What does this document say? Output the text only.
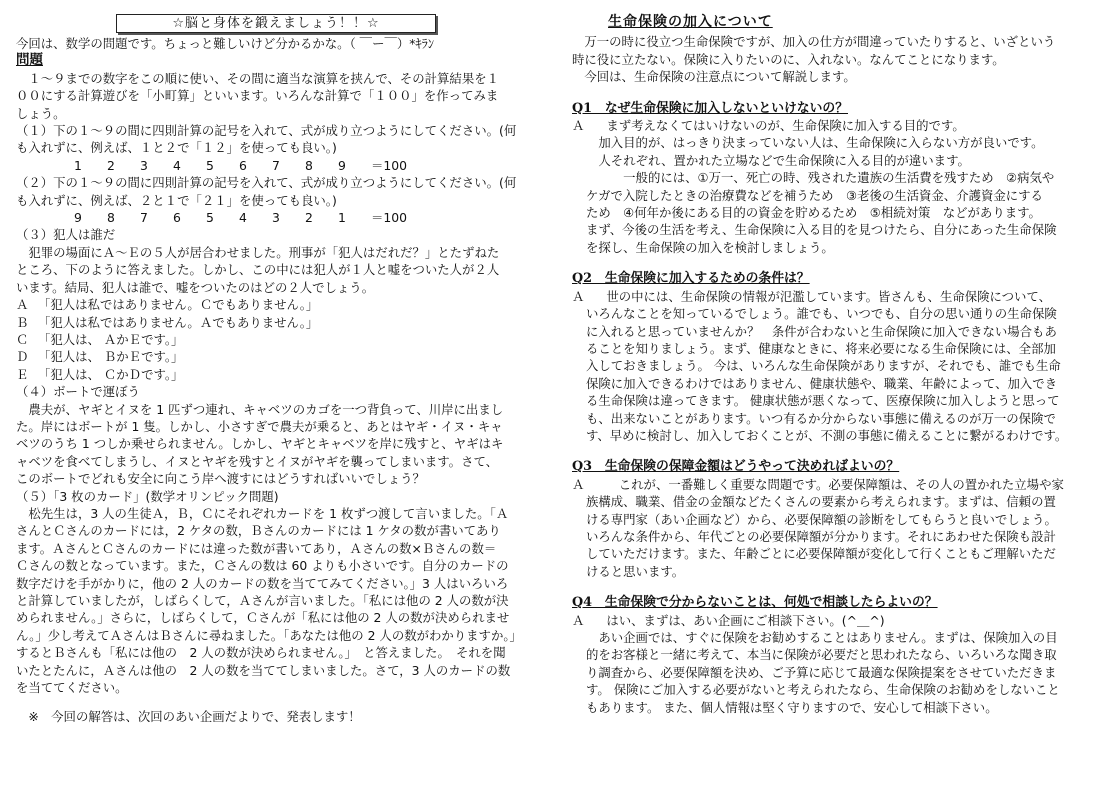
☆脳と身体を鍛えましょう！！☆

今回は、数学の問題です。ちょっと難しいけど分かるかな。（ ￣ー￣）*ｷﾗﾝ

問題

　１～９までの数字をこの順に使い、その間に適当な演算を挟んで、その計算結果を１

００にする計算遊びを「小町算」といいます。いろんな計算で「１００」を作ってみま

しょう。

（１）下の１～９の間に四則計算の記号を入れて、式が成り立つようにしてください。(何

も入れずに、例えば、１と２で「１２」を使っても良い。)

1 2 3 4 5 6 7 8 9 ＝100

（２）下の１～９の間に四則計算の記号を入れて、式が成り立つようにしてください。(何

も入れずに、例えば、２と１で「２１」を使っても良い。)

9 8 7 6 5 4 3 2 1 ＝100

（３）犯人は誰だ

　犯罪の場面にＡ～Ｅの５人が居合わせました。刑事が「犯人はだれだ？」とたずねた

ところ、下のように答えました。しかし、この中には犯人が１人と嘘をついた人が２人

います。結局、犯人は誰で、嘘をついたのはどの２人でしょう。

Ａ 「犯人は私ではありません。Ｃでもありません。」

Ｂ 「犯人は私ではありません。Ａでもありません。」

Ｃ 「犯人は、 ＡかＥです。」

Ｄ 「犯人は、 ＢかＥです。」

Ｅ 「犯人は、 ＣかＤです。」

（４）ボートで運ぼう

　農夫が、ヤギとイヌを 1 匹ずつ連れ、キャベツのカゴを一つ背負って、川岸に出まし

た。岸にはボートが 1 隻。しかし、小さすぎで農夫が乗ると、あとはヤギ・イヌ・キャ

ベツのうち 1 つしか乗せられません。しかし、ヤギとキャベツを岸に残すと、ヤギはキ

ャベツを食べてしまうし、イヌとヤギを残すとイヌがヤギを襲ってしまいます。さて、

このボートでどれも安全に向こう岸へ渡すにはどうすればいいでしょう？

（５）「3 枚のカード」(数学オリンピック問題)

　松先生は，3 人の生徒Ａ，Ｂ，Ｃにそれぞれカードを 1 枚ずつ渡して言いました。「Ａ

さんとＣさんのカードには，2 ケタの数，Ｂさんのカードには 1 ケタの数が書いてあり

ます。ＡさんとＣさんのカードには違った数が書いてあり，Ａさんの数×Ｂさんの数＝

Ｃさんの数となっています。また，Ｃさんの数は 60 よりも小さいです。自分のカードの

数字だけを手がかりに，他の 2 人のカードの数を当ててみてください。」3 人はいろいろ

と計算していましたが，しばらくして，Ａさんが言いました。「私には他の 2 人の数が決

められません。」さらに，しばらくして，Ｃさんが「私には他の 2 人の数が決められませ

ん。」少し考えてＡさんはＢさんに尋ねました。「あなたは他の 2 人の数がわかりますか。」

するとＢさんも「私には他の　2 人の数が決められません。」　と答えました。　それを聞

いたとたんに，Ａさんは他の　2 人の数を当ててしまいました。さて，3 人のカードの数

を当ててください。

　※　今回の解答は、次回のあい企画だよりで、発表します！

生命保険の加入について

　万一の時に役立つ生命保険ですが、加入の仕方が間違っていたりすると、いざという

時に役に立たない。保険に入りたいのに、入れない。なんてことになります。

　今回は、生命保険の注意点について解説します。

Q1　なぜ生命保険に加入しないといけないの？

Ａ　まず考えなくてはいけないのが、生命保険に加入する目的です。

　加入目的が、はっきり決まっていない人は、生命保険に入らない方が良いです。

　人それぞれ、置かれた立場などで生命保険に入る目的が違います。

　　　一般的には、①万一、死亡の時、残された遺族の生活費を残すため　②病気や

ケガで入院したときの治療費などを補うため　③老後の生活資金、介護資金にする

ため　④何年か後にある目的の資金を貯めるため　⑤相続対策　などがあります。

まず、今後の生活を考え、生命保険に入る目的を見つけたら、自分にあった生命保険

を探し、生命保険の加入を検討しましょう。

Q2　生命保険に加入するための条件は？

Ａ　世の中には、生命保険の情報が氾濫しています。皆さんも、生命保険について、

いろんなことを知っているでしょう。誰でも、いつでも、自分の思い通りの生命保険

に入れると思っていませんか？　条件が合わないと生命保険に加入できない場合もあ

ることを知りましょう。まず、健康なときに、将来必要になる生命保険には、全部加

入しておきましょう。 今は、いろんな生命保険がありますが、それでも、誰でも生命

保険に加入できるわけではありません、健康状態や、職業、年齢によって、加入でき

る生命保険は違ってきます。 健康状態が悪くなって、医療保険に加入しようと思って

も、出来ないことがあります。いつ有るか分からない事態に備えるのが万一の保険で

す、早めに検討し、加入しておくことが、不測の事態に備えることに繋がるわけです。

Q3　生命保険の保障金額はどうやって決めればよいの？

Ａ　　これが、一番難しく重要な問題です。必要保障額は、その人の置かれた立場や家

族構成、職業、借金の金額などたくさんの要素から考えられます。まずは、信頼の置

ける専門家（あい企画など）から、必要保障額の診断をしてもらうと良いでしょう。

いろんな条件から、年代ごとの必要保障額が分かります。それにあわせた保険も設計

していただけます。また、年齢ごとに必要保障額が変化して行くこともご理解いただ

けると思います。

Q4　生命保険で分からないことは、何処で相談したらよいの？

Ａ　はい、まずは、あい企画にご相談下さい。(^＿^)

　あい企画では、すぐに保険をお勧めすることはありません。まずは、保険加入の目

的をお客様と一緒に考えて、本当に保険が必要だと思われたなら、いろいろな聞き取

り調査から、必要保障額を決め、ご予算に応じて最適な保険提案をさせていただきま

す。 保険にご加入する必要がないと考えられたなら、生命保険のお勧めをしないこと

もあります。 また、個人情報は堅く守りますので、安心して相談下さい。
